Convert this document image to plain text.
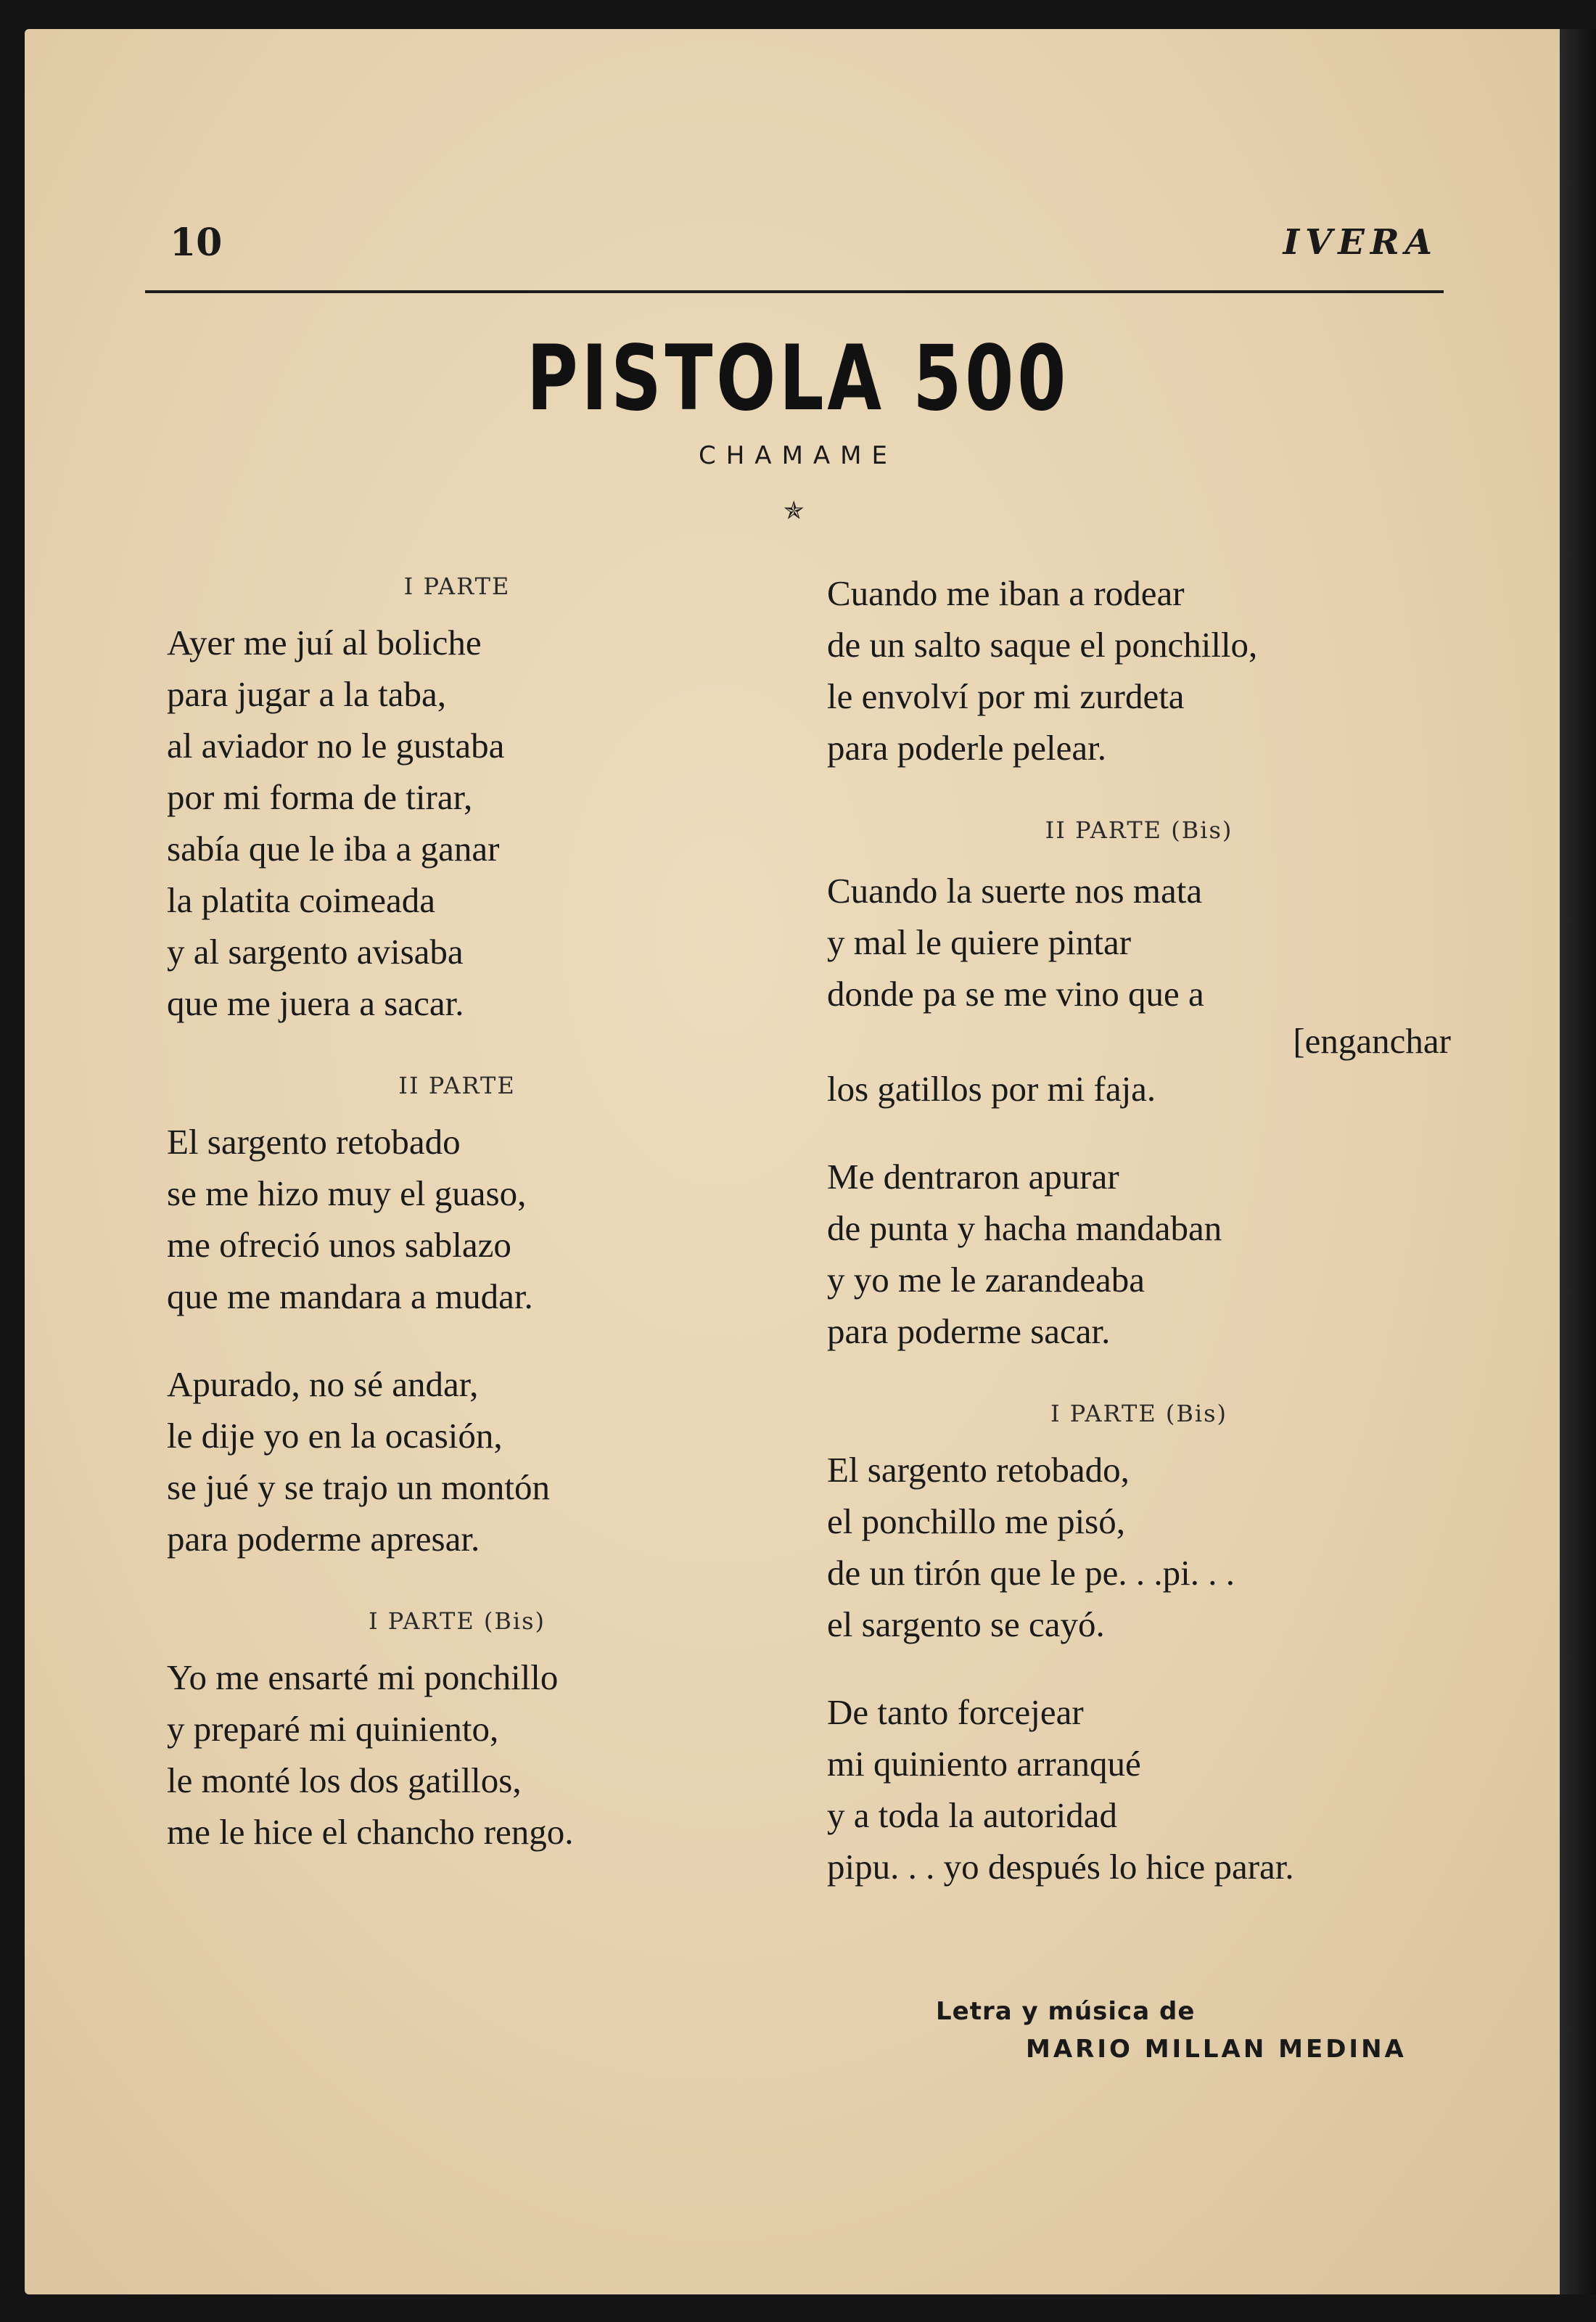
10	IVERA
PISTOLA 500
CHAMAME
✯
I PARTE
Ayer me juí al boliche
para jugar a la taba,
al aviador no le gustaba
por mi forma de tirar,
sabía que le iba a ganar
la platita coimeada
y al sargento avisaba
que me juera a sacar.
II PARTE
El sargento retobado
se me hizo muy el guaso,
me ofreció unos sablazo
que me mandara a mudar.
Apurado, no sé andar,
le dije yo en la ocasión,
se jué y se trajo un montón
para poderme apresar.
I PARTE (Bis)
Yo me ensarté mi ponchillo
y preparé mi quiniento,
le monté los dos gatillos,
me le hice el chancho rengo.
Cuando me iban a rodear
de un salto saque el ponchillo,
le envolví por mi zurdeta
para poderle pelear.
II PARTE (Bis)
Cuando la suerte nos mata
y mal le quiere pintar
donde pa se me vino que a
[enganchar
los gatillos por mi faja.
Me dentraron apurar
de punta y hacha mandaban
y yo me le zarandeaba
para poderme sacar.
I PARTE (Bis)
El sargento retobado,
el ponchillo me pisó,
de un tirón que le pe. . .pi. . .
el sargento se cayó.
De tanto forcejear
mi quiniento arranqué
y a toda la autoridad
pipu. . . yo después lo hice parar.
Letra y música de
MARIO MILLAN MEDINA
